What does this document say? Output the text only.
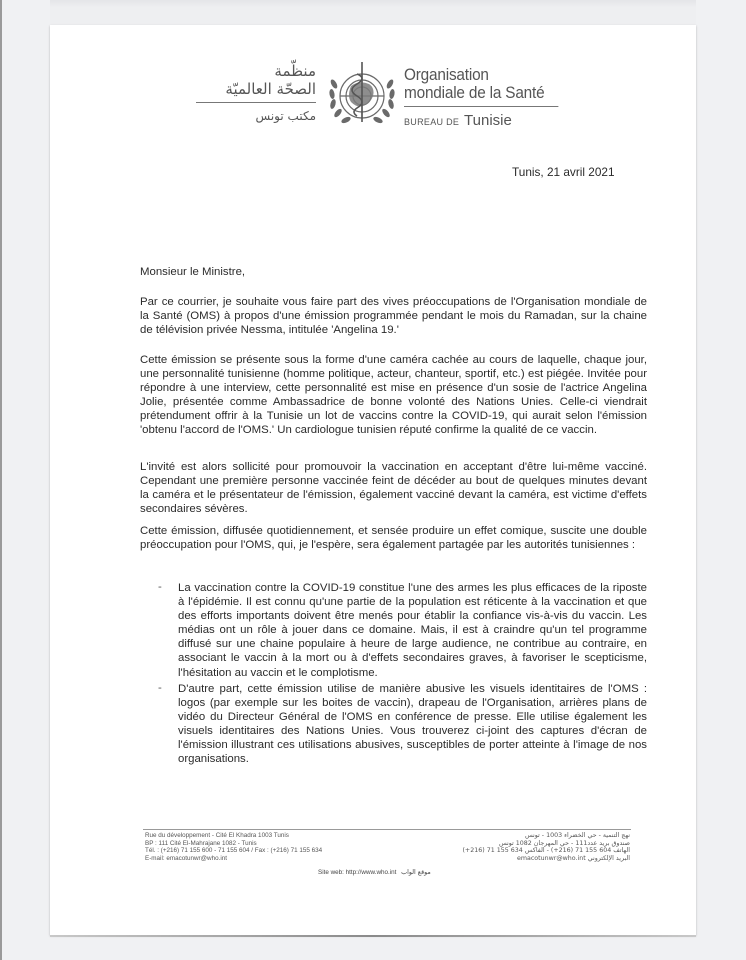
منظّمة
الصحّة العالميّة
مكتب تونس
Organisation
mondiale de la Santé
BUREAU DE Tunisie
Tunis, 21 avril 2021
Monsieur le Ministre,
Par ce courrier, je souhaite vous faire part des vives préoccupations de l'Organisation mondiale de la Santé (OMS) à propos d'une émission programmée pendant le mois du Ramadan, sur la chaine de télévision privée Nessma, intitulée 'Angelina 19.'
Cette émission se présente sous la forme d'une caméra cachée au cours de laquelle, chaque jour, une personnalité tunisienne (homme politique, acteur, chanteur, sportif, etc.) est piégée. Invitée pour répondre à une interview, cette personnalité est mise en présence d'un sosie de l'actrice Angelina Jolie, présentée comme Ambassadrice de bonne volonté des Nations Unies. Celle-ci viendrait prétendument offrir à la Tunisie un lot de vaccins contre la COVID-19, qui aurait selon l'émission 'obtenu l'accord de l'OMS.' Un cardiologue tunisien réputé confirme la qualité de ce vaccin.
L'invité est alors sollicité pour promouvoir la vaccination en acceptant d'être lui-même vacciné. Cependant une première personne vaccinée feint de décéder au bout de quelques minutes devant la caméra et le présentateur de l'émission, également vacciné devant la caméra, est victime d'effets secondaires sévères.
Cette émission, diffusée quotidiennement, et sensée produire un effet comique, suscite une double préoccupation pour l'OMS, qui, je l'espère, sera également partagée par les autorités tunisiennes :
- La vaccination contre la COVID-19 constitue l'une des armes les plus efficaces de la riposte à l'épidémie. Il est connu qu'une partie de la population est réticente à la vaccination et que des efforts importants doivent être menés pour établir la confiance vis-à-vis du vaccin. Les médias ont un rôle à jouer dans ce domaine. Mais, il est à craindre qu'un tel programme diffusé sur une chaine populaire à heure de large audience, ne contribue au contraire, en associant le vaccin à la mort ou à d'effets secondaires graves, à favoriser le scepticisme, l'hésitation au vaccin et le complotisme.
- D'autre part, cette émission utilise de manière abusive les visuels identitaires de l'OMS : logos (par exemple sur les boites de vaccin), drapeau de l'Organisation, arrières plans de vidéo du Directeur Général de l'OMS en conférence de presse. Elle utilise également les visuels identitaires des Nations Unies. Vous trouverez ci-joint des captures d'écran de l'émission illustrant ces utilisations abusives, susceptibles de porter atteinte à l'image de nos organisations.
Rue du développement - Cité El Khadra 1003 Tunis
BP : 111 Cité El-Mahrajane 1082 - Tunis
Tél. : (+216) 71 155 600 - 71 155 604 / Fax : (+216) 71 155 634
E-mail: emacotunwr@who.int
نهج التنمية - حي الخضراء 1003 - تونس
صندوق بريد عدد111 - حي المهرجان 1082 تونس
الهاتف 604 155 71 (216+) - الفاكس 634 155 71 (216+)
البريد الإلكتروني emacotunwr@who.int
Site web: http://www.who.int موقع الواب
